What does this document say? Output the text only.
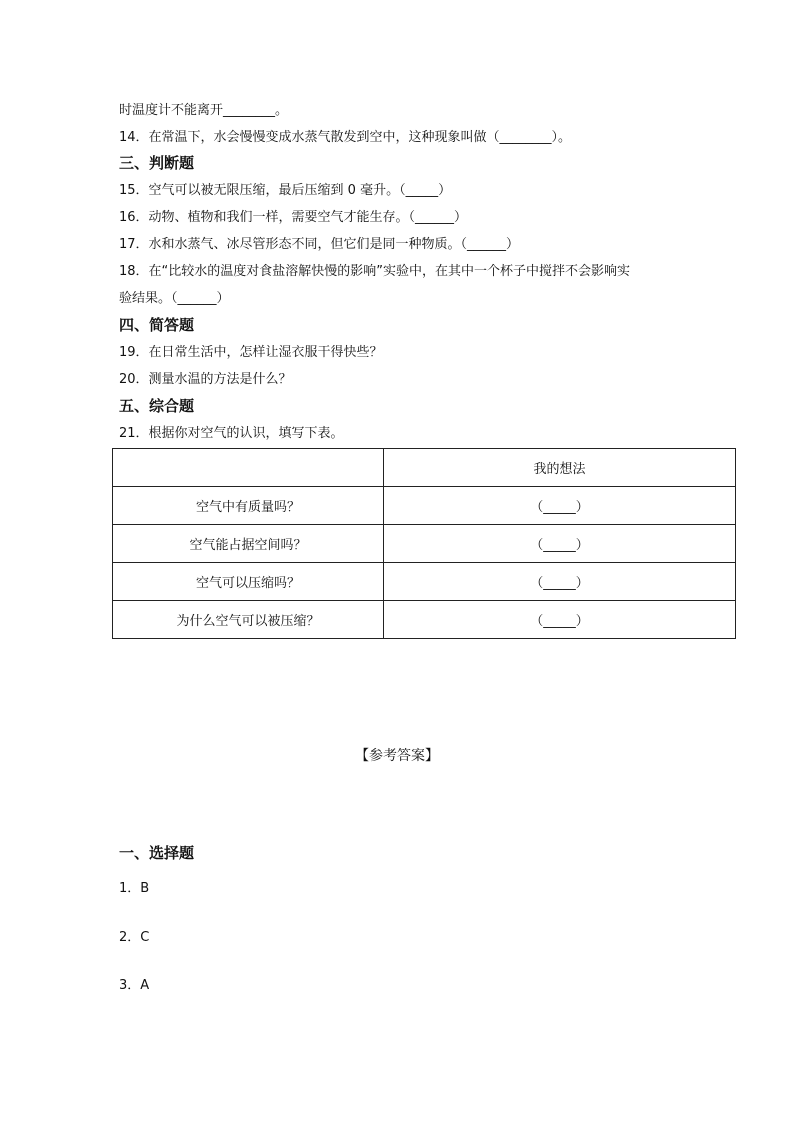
时温度计不能离开________。
14．在常温下，水会慢慢变成水蒸气散发到空中，这种现象叫做（________）。
三、判断题
15．空气可以被无限压缩，最后压缩到 0 毫升。（_____）
16．动物、植物和我们一样，需要空气才能生存。（______）
17．水和水蒸气、冰尽管形态不同，但它们是同一种物质。（______）
18．在“比较水的温度对食盐溶解快慢的影响”实验中，在其中一个杯子中搅拌不会影响实
验结果。（______）
四、简答题
19．在日常生活中，怎样让湿衣服干得快些？
20．测量水温的方法是什么？
五、综合题
21．根据你对空气的认识，填写下表。
	我的想法
空气中有质量吗？	（_____）
空气能占据空间吗？	（_____）
空气可以压缩吗？	（_____）
为什么空气可以被压缩？	（_____）
【参考答案】
一、选择题
1．B
2．C
3．A
